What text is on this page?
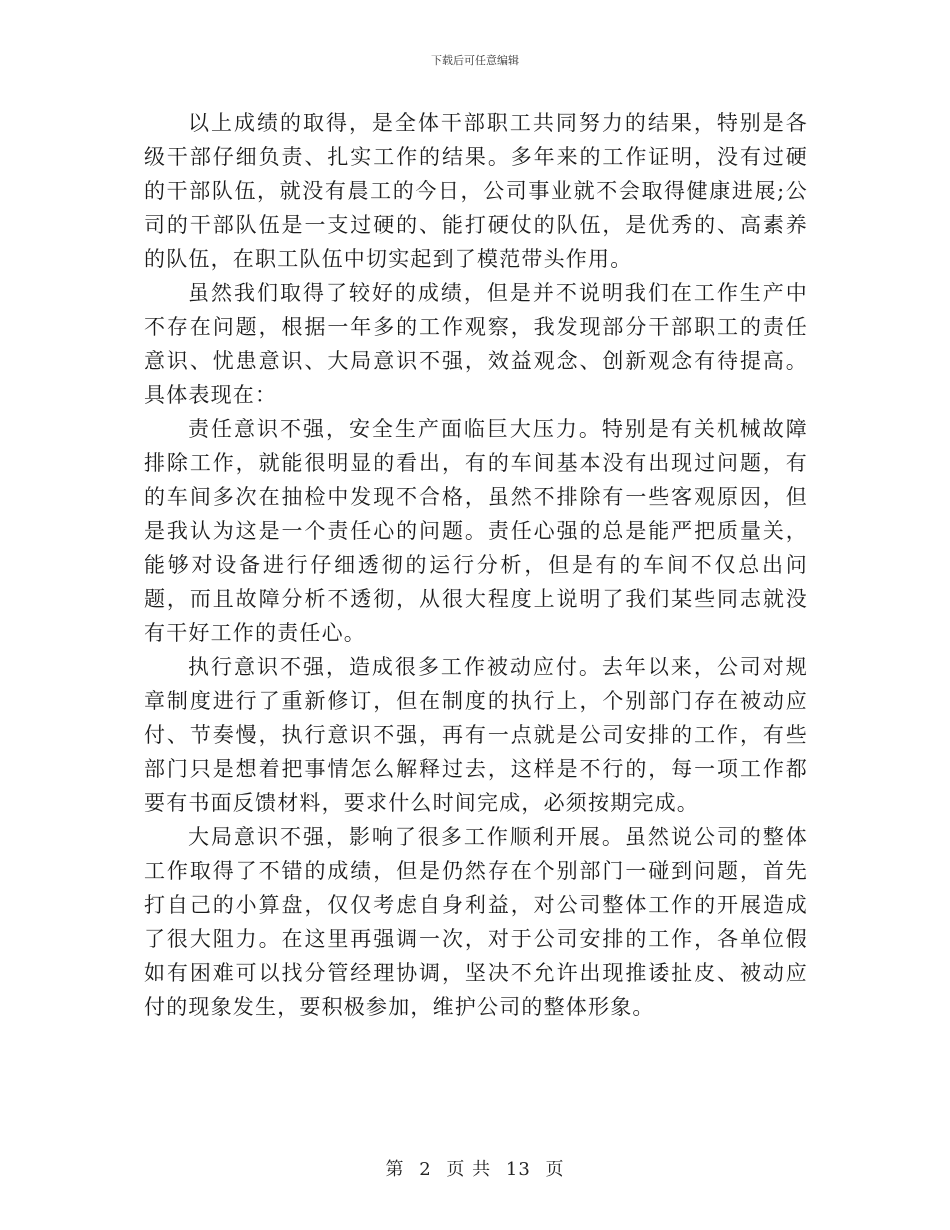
下载后可任意编辑

以上成绩的取得，是全体干部职工共同努力的结果，特别是各级干部仔细负责、扎实工作的结果。多年来的工作证明，没有过硬的干部队伍，就没有晨工的今日，公司事业就不会取得健康进展;公司的干部队伍是一支过硬的、能打硬仗的队伍，是优秀的、高素养的队伍，在职工队伍中切实起到了模范带头作用。

虽然我们取得了较好的成绩，但是并不说明我们在工作生产中不存在问题，根据一年多的工作观察，我发现部分干部职工的责任意识、忧患意识、大局意识不强，效益观念、创新观念有待提高。具体表现在：

责任意识不强，安全生产面临巨大压力。特别是有关机械故障排除工作，就能很明显的看出，有的车间基本没有出现过问题，有的车间多次在抽检中发现不合格，虽然不排除有一些客观原因，但是我认为这是一个责任心的问题。责任心强的总是能严把质量关，能够对设备进行仔细透彻的运行分析，但是有的车间不仅总出问题，而且故障分析不透彻，从很大程度上说明了我们某些同志就没有干好工作的责任心。

执行意识不强，造成很多工作被动应付。去年以来，公司对规章制度进行了重新修订，但在制度的执行上，个别部门存在被动应付、节奏慢，执行意识不强，再有一点就是公司安排的工作，有些部门只是想着把事情怎么解释过去，这样是不行的，每一项工作都要有书面反馈材料，要求什么时间完成，必须按期完成。

大局意识不强，影响了很多工作顺利开展。虽然说公司的整体工作取得了不错的成绩，但是仍然存在个别部门一碰到问题，首先打自己的小算盘，仅仅考虑自身利益，对公司整体工作的开展造成了很大阻力。在这里再强调一次，对于公司安排的工作，各单位假如有困难可以找分管经理协调，坚决不允许出现推诿扯皮、被动应付的现象发生，要积极参加，维护公司的整体形象。

第 2 页 共 13 页
